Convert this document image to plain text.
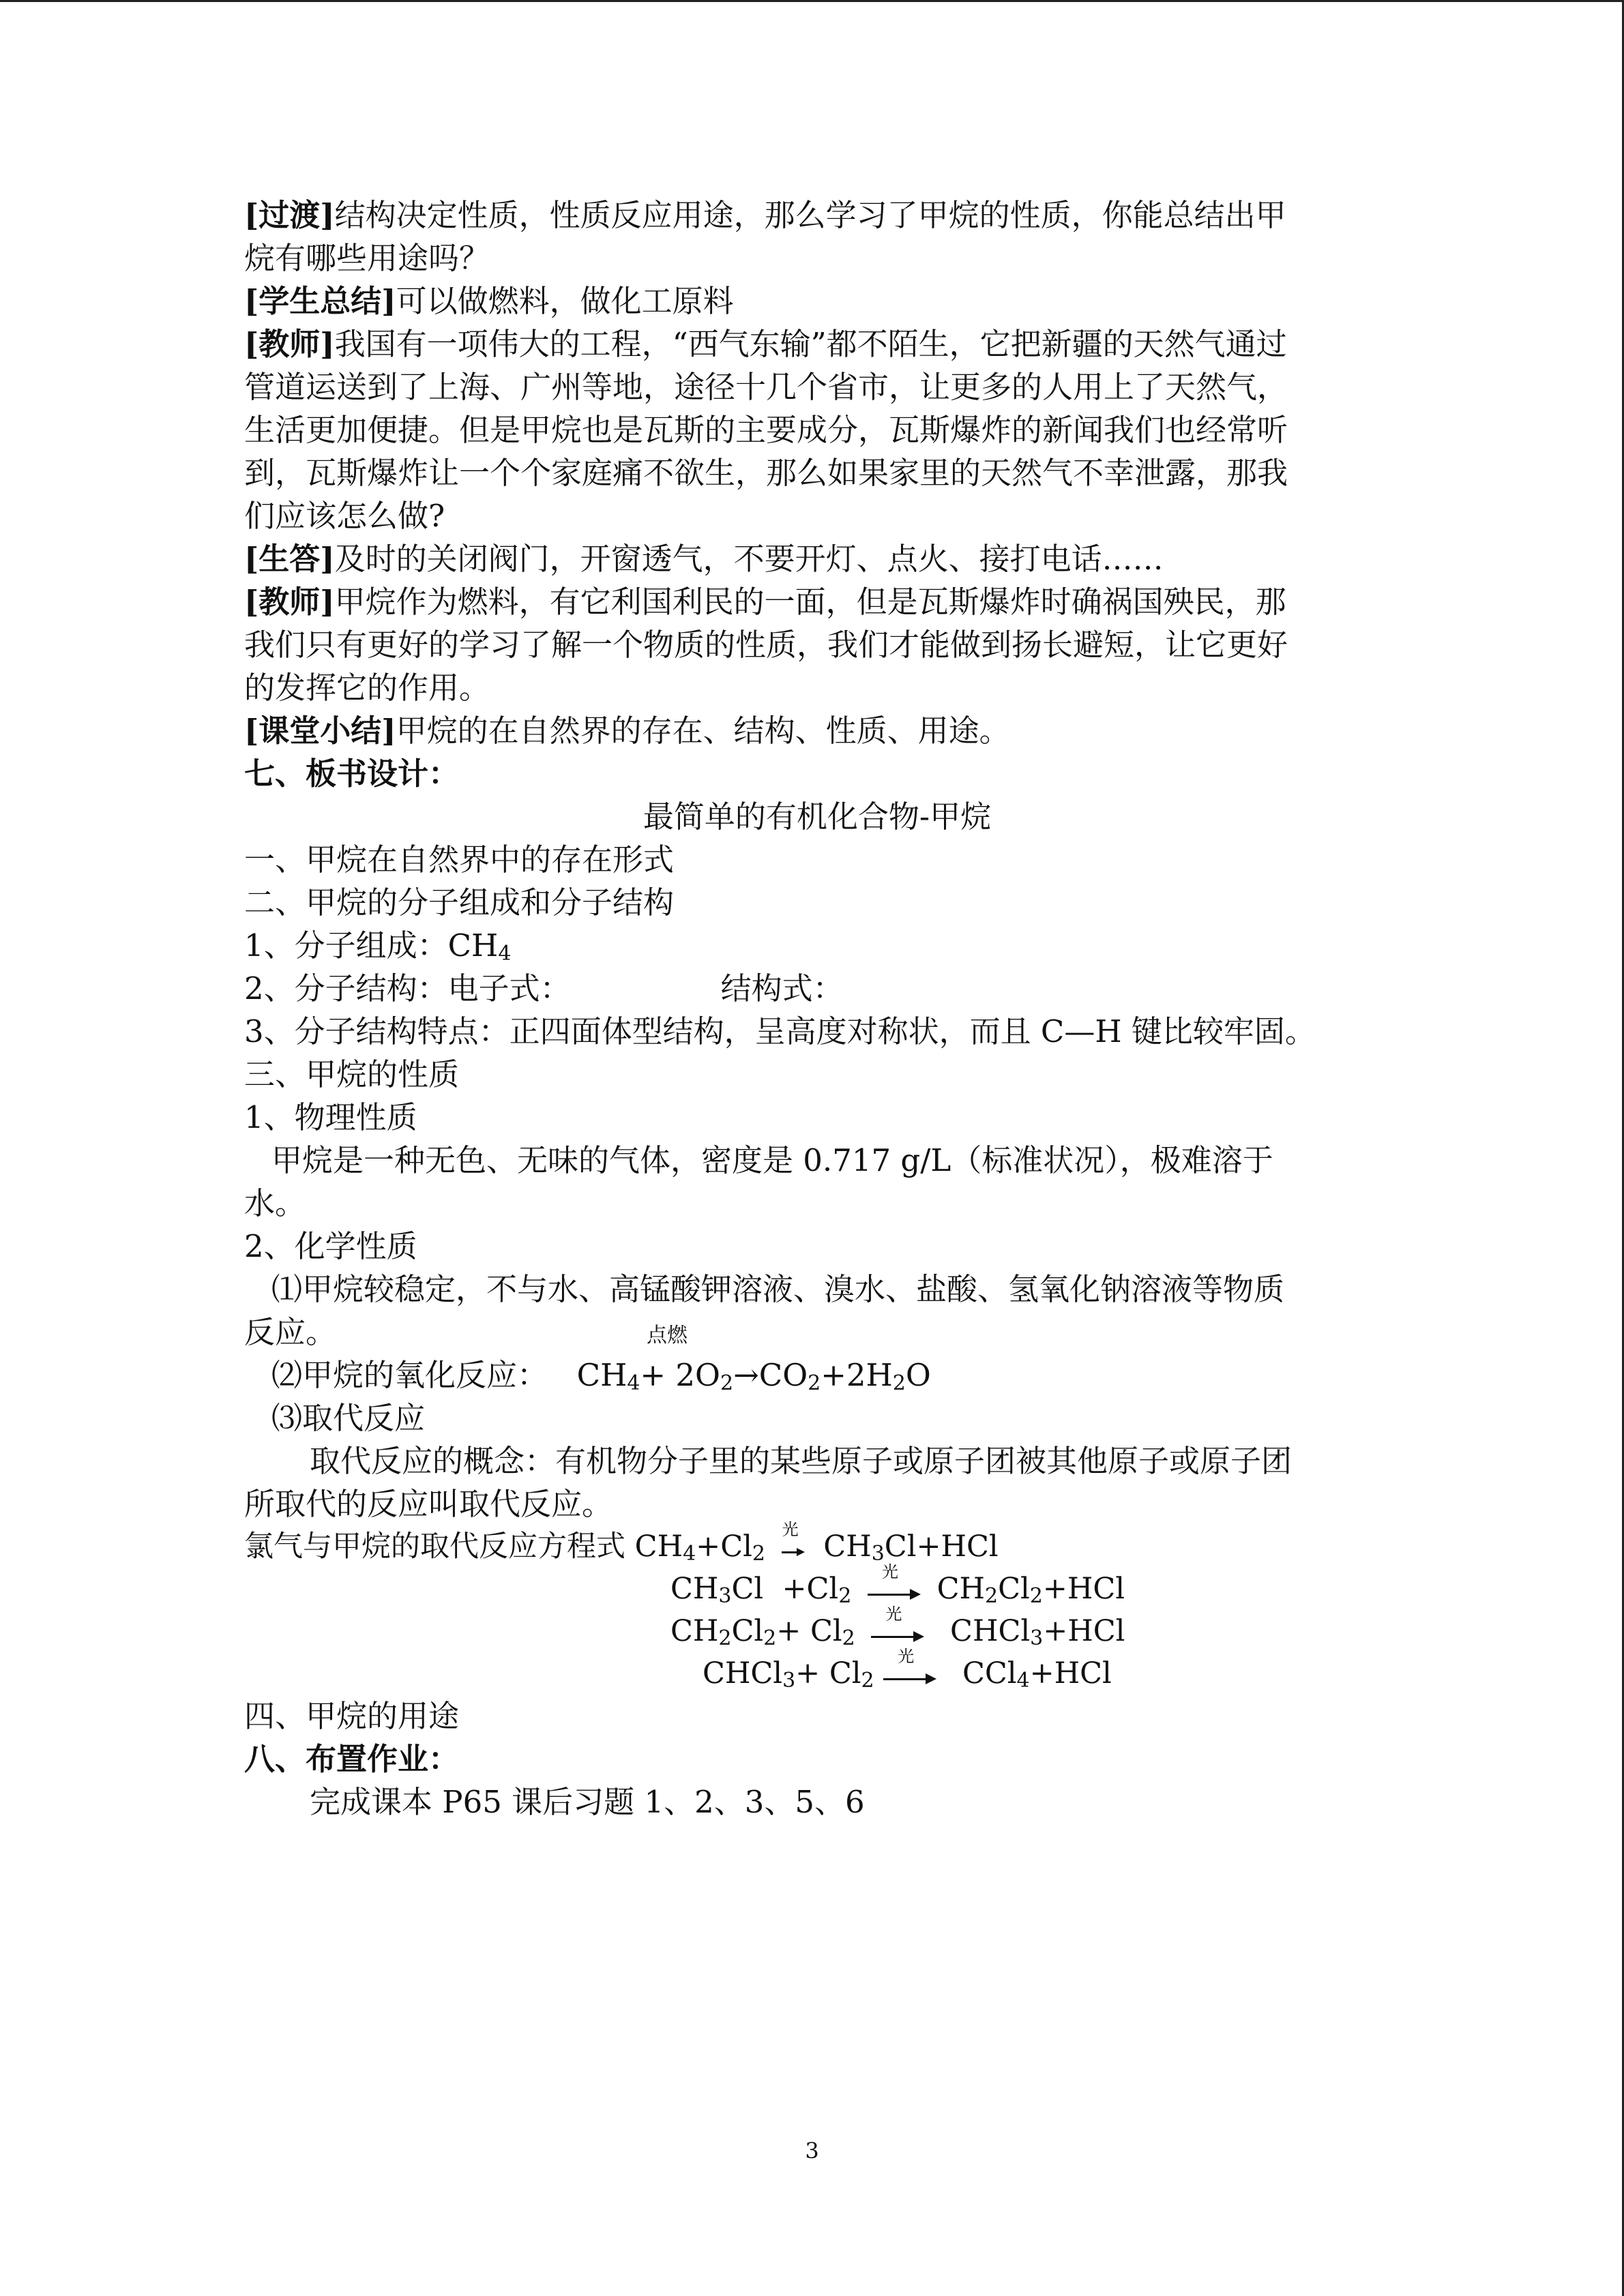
[过渡]结构决定性质，性质反应用途，那么学习了甲烷的性质，你能总结出甲
烷有哪些用途吗？
[学生总结]可以做燃料，做化工原料
[教师]我国有一项伟大的工程，“西气东输”都不陌生，它把新疆的天然气通过
管道运送到了上海、广州等地，途径十几个省市，让更多的人用上了天然气，
生活更加便捷。但是甲烷也是瓦斯的主要成分，瓦斯爆炸的新闻我们也经常听
到，瓦斯爆炸让一个个家庭痛不欲生，那么如果家里的天然气不幸泄露，那我
们应该怎么做?
[生答]及时的关闭阀门，开窗透气，不要开灯、点火、接打电话……
[教师]甲烷作为燃料，有它利国利民的一面，但是瓦斯爆炸时确祸国殃民，那
我们只有更好的学习了解一个物质的性质，我们才能做到扬长避短，让它更好
的发挥它的作用。
[课堂小结]甲烷的在自然界的存在、结构、性质、用途。
七、板书设计：
最简单的有机化合物-甲烷
一、甲烷在自然界中的存在形式
二、甲烷的分子组成和分子结构
1、分子组成：$CH_4$
2、分子结构：电子式：	结构式：
3、分子结构特点：正四面体型结构，呈高度对称状，而且 C—H 键比较牢固。
三、甲烷的性质
1、物理性质
甲烷是一种无色、无味的气体，密度是 0.717 g/L（标准状况），极难溶于
水。
2、化学性质
⑴甲烷较稳定，不与水、高锰酸钾溶液、溴水、盐酸、氢氧化钠溶液等物质
反应。	点燃
⑵甲烷的氧化反应： $CH_4+ 2O_2\to CO_2+2H_2O$
⑶取代反应
取代反应的概念：有机物分子里的某些原子或原子团被其他原子或原子团
所取代的反应叫取代反应。
氯气与甲烷的取代反应方程式 $CH_4+Cl_2$
光 $CH_3Cl+HCl$
$CH_3Cl +Cl_2$
光	$CH_2Cl_2+HCl$
$CH_2Cl_2+ Cl_2$
光	CHCl$_3$+HCl
CHCl$_3$+ $Cl_2$
光	CCl$_4$+HCl
四、甲烷的用途
八、布置作业：
完成课本 P65 课后习题 1、2、3、5、6
3
